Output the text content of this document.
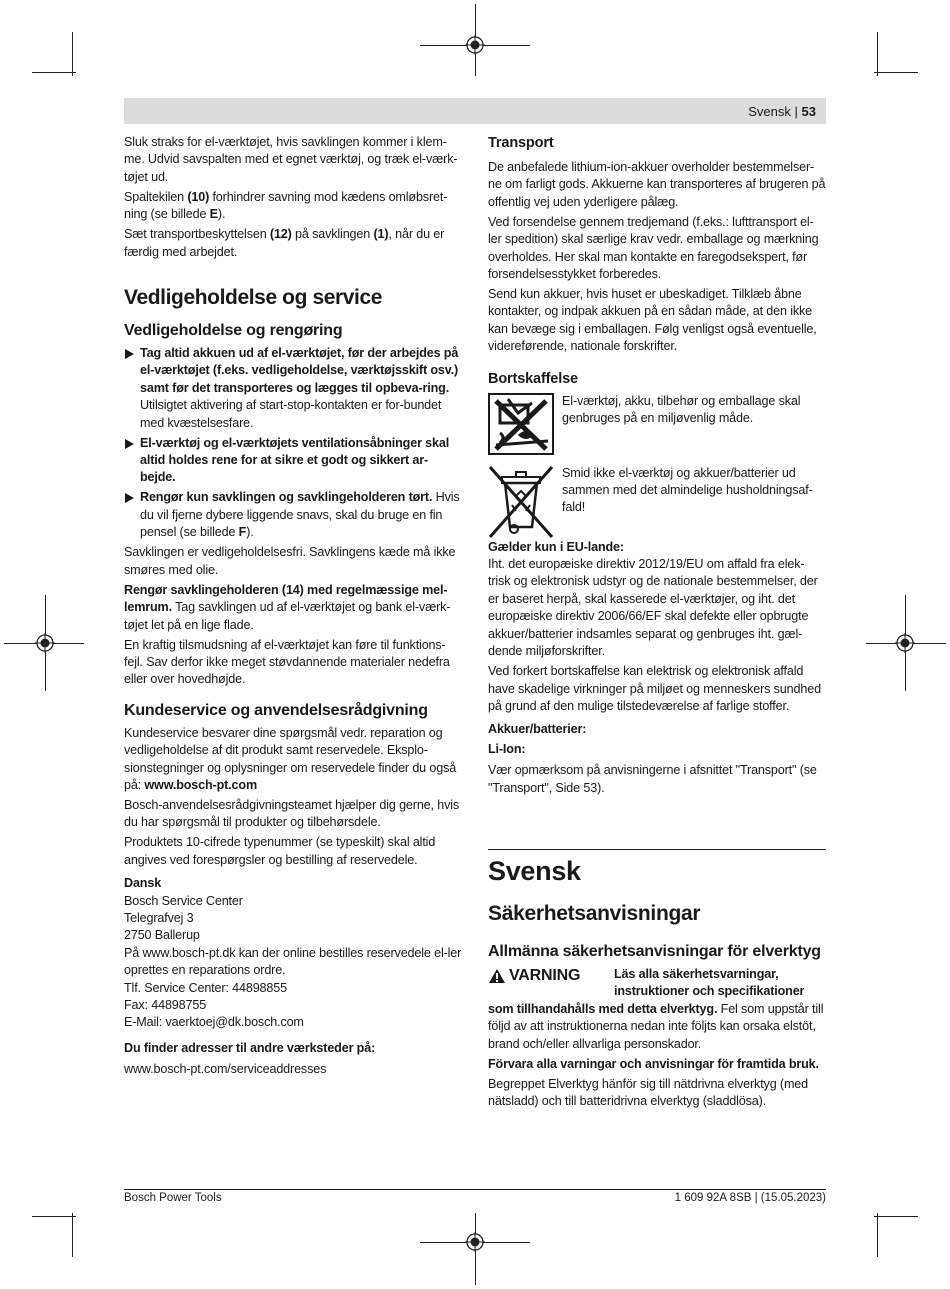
Svensk | 53

Sluk straks for el-værktøjet, hvis savklingen kommer i klem-me. Udvid savspalten med et egnet værktøj, og træk el-værk-tøjet ud.

Spaltekilen (10) forhindrer savning mod kædens omløbsret-ning (se billede E).

Sæt transportbeskyttelsen (12) på savklingen (1), når du er færdig med arbejdet.

Vedligeholdelse og service
Vedligeholdelse og rengøring
Tag altid akkuen ud af el-værktøjet, før der arbejdes på el-værktøjet (f.eks. vedligeholdelse, værktøjsskift osv.) samt før det transporteres og lægges til opbeva-ring. Utilsigtet aktivering af start-stop-kontakten er for-bundet med kvæstelsesfare.
El-værktøj og el-værktøjets ventilationsåbninger skal altid holdes rene for at sikre et godt og sikkert ar-bejde.
Rengør kun savklingen og savklingeholderen tørt. Hvis du vil fjerne dybere liggende snavs, skal du bruge en fin pensel (se billede F).

Savklingen er vedligeholdelsesfri. Savklingens kæde må ikke smøres med olie.

Rengør savklingeholderen (14) med regelmæssige mel-lemrum. Tag savklingen ud af el-værktøjet og bank el-værk-tøjet let på en lige flade.

En kraftig tilsmudsning af el-værktøjet kan føre til funktions-fejl. Sav derfor ikke meget støvdannende materialer nedefra eller over hovedhøjde.

Kundeservice og anvendelsesrådgivning

Kundeservice besvarer dine spørgsmål vedr. reparation og vedligeholdelse af dit produkt samt reservedele. Eksplo-sionstegninger og oplysninger om reservedele finder du også på: www.bosch-pt.com

Bosch-anvendelsesrådgivningsteamet hjælper dig gerne, hvis du har spørgsmål til produkter og tilbehørsdele.

Produktets 10-cifrede typenummer (se typeskilt) skal altid angives ved forespørgsler og bestilling af reservedele.

Dansk
Bosch Service Center
Telegrafvej 3
2750 Ballerup
På www.bosch-pt.dk kan der online bestilles reservedele el-ler oprettes en reparations ordre.
Tlf. Service Center: 44898855
Fax: 44898755
E-Mail: vaerktoej@dk.bosch.com
Du finder adresser til andre værksteder på:
www.bosch-pt.com/serviceaddresses
Transport

De anbefalede lithium-ion-akkuer overholder bestemmelser-ne om farligt gods. Akkuerne kan transporteres af brugeren på offentlig vej uden yderligere pålæg.

Ved forsendelse gennem tredjemand (f.eks.: lufttransport el-ler spedition) skal særlige krav vedr. emballage og mærkning overholdes. Her skal man kontakte en faregodsekspert, før forsendelsesstykket forberedes.

Send kun akkuer, hvis huset er ubeskadiget. Tilklæb åbne kontakter, og indpak akkuen på en sådan måde, at den ikke kan bevæge sig i emballagen. Følg venligst også eventuelle, videreførende, nationale forskrifter.

Bortskaffelse
El-værktøj, akku, tilbehør og emballage skal genbruges på en miljøvenlig måde.
Smid ikke el-værktøj og akkuer/batterier ud sammen med det almindelige husholdningsaf-fald!
Gælder kun i EU-lande:

Iht. det europæiske direktiv 2012/19/EU om affald fra elek-trisk og elektronisk udstyr og de nationale bestemmelser, der er baseret herpå, skal kasserede el-værktøjer, og iht. det europæiske direktiv 2006/66/EF skal defekte eller opbrugte akkuer/batterier indsamles separat og genbruges iht. gæl-dende miljøforskrifter.

Ved forkert bortskaffelse kan elektrisk og elektronisk affald have skadelige virkninger på miljøet og menneskers sundhed på grund af den mulige tilstedeværelse af farlige stoffer.

Akkuer/batterier:
Li-Ion:

Vær opmærksom på anvisningerne i afsnittet "Transport" (se "Transport", Side 53).

Svensk
Säkerhetsanvisningar
Allmänna säkerhetsanvisningar för elverktyg
VARNING	Läs alla säkerhetsvarningar, instruktioner och specifikationer

som tillhandahålls med detta elverktyg. Fel som uppstår till följd av att instruktionerna nedan inte följts kan orsaka elstöt, brand och/eller allvarliga personskador.

Förvara alla varningar och anvisningar för framtida bruk.

Begreppet Elverktyg hänför sig till nätdrivna elverktyg (med nätsladd) och till batteridrivna elverktyg (sladdlösa).

Bosch Power Tools	1 609 92A 8SB | (15.05.2023)
